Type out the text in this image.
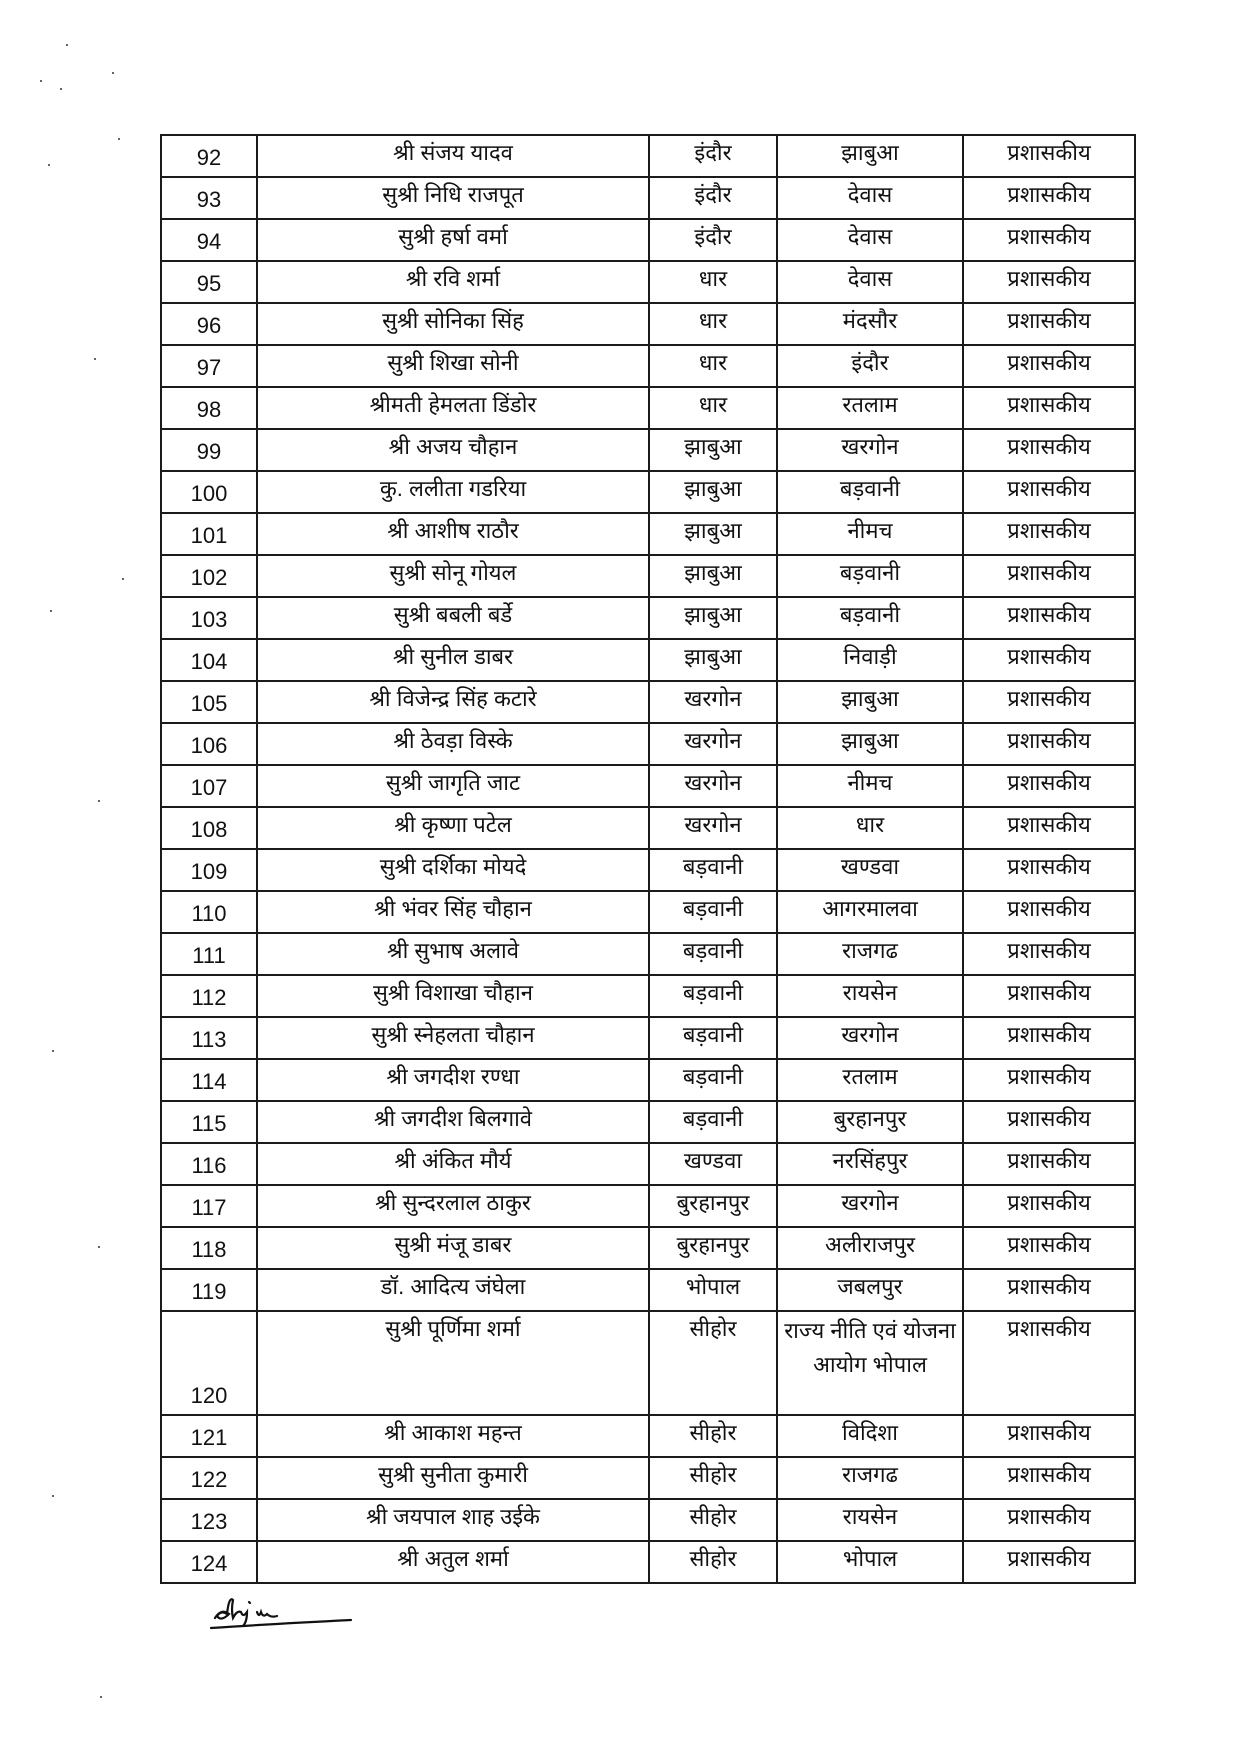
92	श्री संजय यादव	इंदौर	झाबुआ	प्रशासकीय

93	सुश्री निधि राजपूत	इंदौर	देवास	प्रशासकीय

94	सुश्री हर्षा वर्मा	इंदौर	देवास	प्रशासकीय

95	श्री रवि शर्मा	धार	देवास	प्रशासकीय

96	सुश्री सोनिका सिंह	धार	मंदसौर	प्रशासकीय

97	सुश्री शिखा सोनी	धार	इंदौर	प्रशासकीय

98	श्रीमती हेमलता डिंडोर	धार	रतलाम	प्रशासकीय

99	श्री अजय चौहान	झाबुआ	खरगोन	प्रशासकीय

100	कु. ललीता गडरिया	झाबुआ	बड़वानी	प्रशासकीय

101	श्री आशीष राठौर	झाबुआ	नीमच	प्रशासकीय

102	सुश्री सोनू गोयल	झाबुआ	बड़वानी	प्रशासकीय

103	सुश्री बबली बर्डे	झाबुआ	बड़वानी	प्रशासकीय

104	श्री सुनील डाबर	झाबुआ	निवाड़ी	प्रशासकीय

105	श्री विजेन्द्र सिंह कटारे	खरगोन	झाबुआ	प्रशासकीय

106	श्री ठेवड़ा विस्के	खरगोन	झाबुआ	प्रशासकीय

107	सुश्री जागृति जाट	खरगोन	नीमच	प्रशासकीय

108	श्री कृष्णा पटेल	खरगोन	धार	प्रशासकीय

109	सुश्री दर्शिका मोयदे	बड़वानी	खण्डवा	प्रशासकीय

110	श्री भंवर सिंह चौहान	बड़वानी	आगरमालवा	प्रशासकीय

111	श्री सुभाष अलावे	बड़वानी	राजगढ	प्रशासकीय

112	सुश्री विशाखा चौहान	बड़वानी	रायसेन	प्रशासकीय

113	सुश्री स्नेहलता चौहान	बड़वानी	खरगोन	प्रशासकीय

114	श्री जगदीश रण्धा	बड़वानी	रतलाम	प्रशासकीय

115	श्री जगदीश बिलगावे	बड़वानी	बुरहानपुर	प्रशासकीय

116	श्री अंकित मौर्य	खण्डवा	नरसिंहपुर	प्रशासकीय

117	श्री सुन्दरलाल ठाकुर	बुरहानपुर	खरगोन	प्रशासकीय

118	सुश्री मंजू डाबर	बुरहानपुर	अलीराजपुर	प्रशासकीय

119	डॉ. आदित्य जंघेला	भोपाल	जबलपुर	प्रशासकीय

120	सुश्री पूर्णिमा शर्मा	सीहोर	राज्य नीति एवं योजना आयोग भोपाल	प्रशासकीय

121	श्री आकाश महन्त	सीहोर	विदिशा	प्रशासकीय

122	सुश्री सुनीता कुमारी	सीहोर	राजगढ	प्रशासकीय

123	श्री जयपाल शाह उईके	सीहोर	रायसेन	प्रशासकीय

124	श्री अतुल शर्मा	सीहोर	भोपाल	प्रशासकीय
